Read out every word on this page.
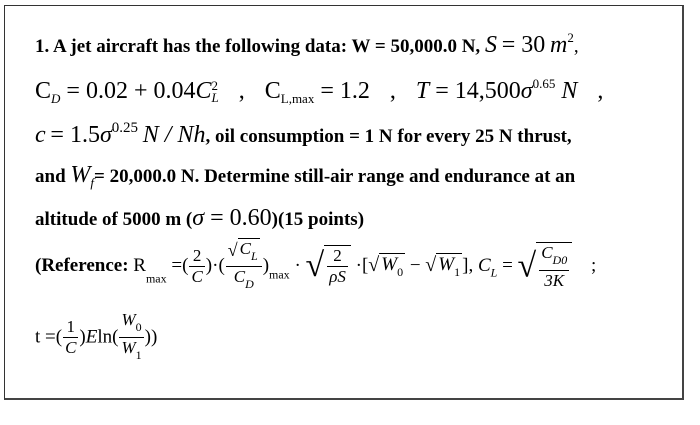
1. A jet aircraft has the following data: W = 50,000.0 N, S = 30 $m^2$,
$C_D = 0.02 + 0.04C$ 2
L , $C_{L,max} = 1.2$ , $T = 14,500\sigma^{0.65}$ N ,
$c = 1.5\sigma^{0.25}$ N / Nh, oil consumption = 1 N for every 25 N thrust,
and $W_f= 20,000.0$ N. Determine still-air range and endurance at an
altitude of 5000 m (σ = 0.60)(15 points)
(Reference: $R_{max}$ =( $\frac{2}{C}$ )·( $\frac{√ C_L}{C_D} )_{max}$ · √ $\frac{2}{\rho S}$ ·[√ $W_0$ − √ $W_1$ ], $C_L$ = √ $\frac{C_{D0}}{3K}$ ;
t =( $\frac{1}{C} )Eln( \frac{W_0}{W_1}$ ))
